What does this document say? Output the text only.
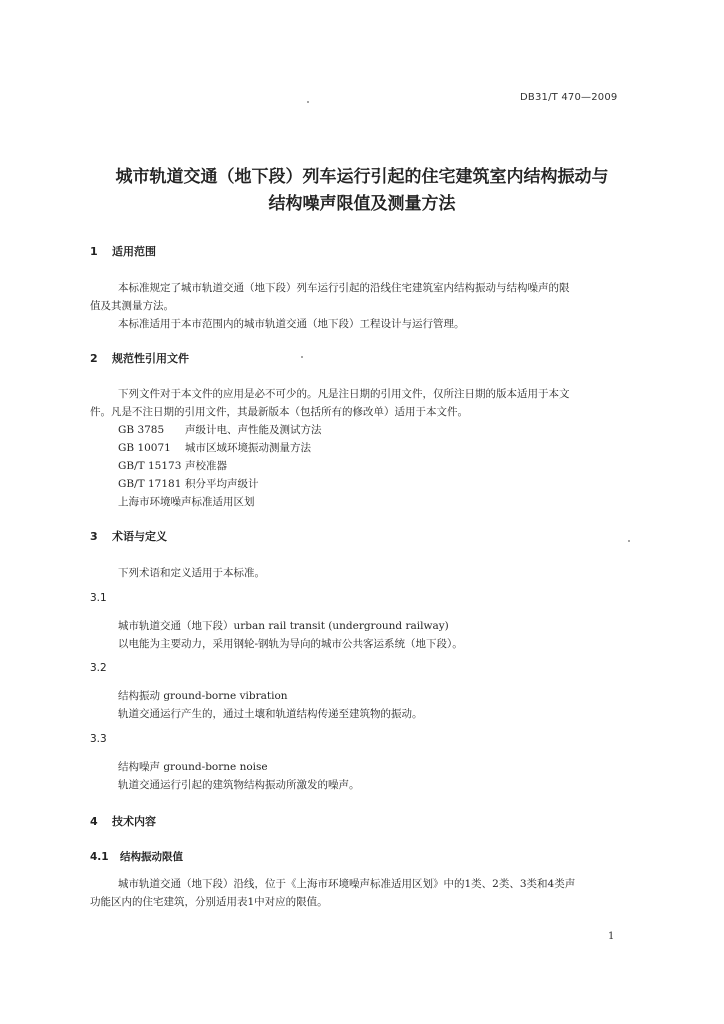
DB31/T 470—2009
城市轨道交通（地下段）列车运行引起的住宅建筑室内结构振动与
结构噪声限值及测量方法
1 适用范围
本标准规定了城市轨道交通（地下段）列车运行引起的沿线住宅建筑室内结构振动与结构噪声的限
值及其测量方法。
本标准适用于本市范围内的城市轨道交通（地下段）工程设计与运行管理。
2 规范性引用文件
下列文件对于本文件的应用是必不可少的。凡是注日期的引用文件，仅所注日期的版本适用于本文
件。凡是不注日期的引用文件，其最新版本（包括所有的修改单）适用于本文件。
GB 3785 声级计电、声性能及测试方法
GB 10071 城市区域环境振动测量方法
GB/T 15173 声校准器
GB/T 17181 积分平均声级计
上海市环境噪声标准适用区划
3 术语与定义
下列术语和定义适用于本标准。
3.1
城市轨道交通（地下段）urban rail transit (underground railway)
以电能为主要动力，采用钢轮-钢轨为导向的城市公共客运系统（地下段）。
3.2
结构振动 ground-borne vibration
轨道交通运行产生的，通过土壤和轨道结构传递至建筑物的振动。
3.3
结构噪声 ground-borne noise
轨道交通运行引起的建筑物结构振动所激发的噪声。
4 技术内容
4.1 结构振动限值
城市轨道交通（地下段）沿线，位于《上海市环境噪声标准适用区划》中的1类、2类、3类和4类声
功能区内的住宅建筑，分别适用表1中对应的限值。
1
